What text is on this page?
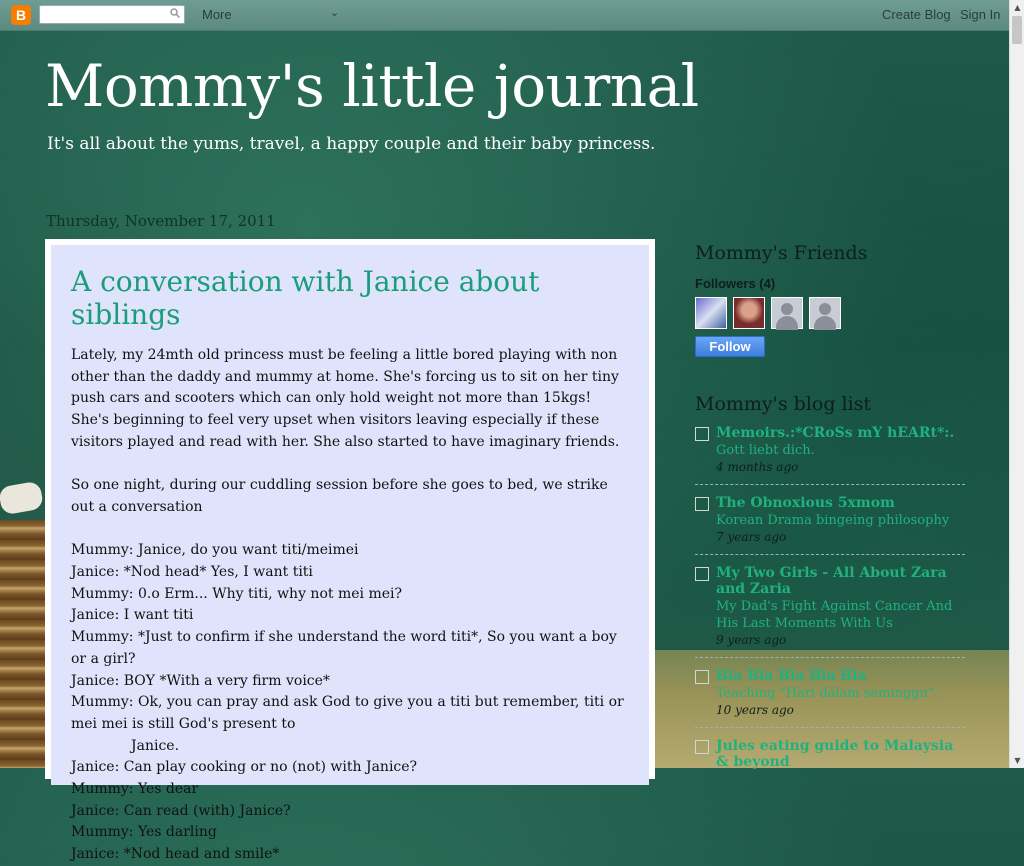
B	More	⌄	Create Blog Sign In
Mommy's little journal
It's all about the yums, travel, a happy couple and their baby princess.
Thursday, November 17, 2011
A conversation with Janice about siblings

Lately, my 24mth old princess must be feeling a little bored playing with non other than the daddy and mummy at home. She's forcing us to sit on her tiny push cars and scooters which can only hold weight not more than 15kgs! She's beginning to feel very upset when visitors leaving especially if these visitors played and read with her. She also started to have imaginary friends.

So one night, during our cuddling session before she goes to bed, we strike out a conversation

Mummy: Janice, do you want titi/meimei

Janice: *Nod head* Yes, I want titi

Mummy: 0.o Erm... Why titi, why not mei mei?

Janice: I want titi

Mummy: *Just to confirm if she understand the word titi*, So you want a boy or a girl?

Janice: BOY *With a very firm voice*

Mummy: Ok, you can pray and ask God to give you a titi but remember, titi or mei mei is still God's present to

Janice.

Janice: Can play cooking or no (not) with Janice?

Mummy: Yes dear

Janice: Can read (with) Janice?

Mummy: Yes darling

Janice: *Nod head and smile*

Mommy's Friends
Followers (4)
Follow
Mommy's blog list
Memoirs.:*CRoSs mY hEARt*:.
Gott liebt dich.
4 months ago
The Obnoxious 5xmom
Korean Drama bingeing philosophy
7 years ago
My Two Girls - All About Zara and Zaria
My Dad's Fight Against Cancer And His Last Moments With Us
9 years ago
Bla Bla Bla Bla Bla
Teaching "Hari dalam seminggu".
10 years ago
Jules eating guide to Malaysia & beyond
▲
▼
